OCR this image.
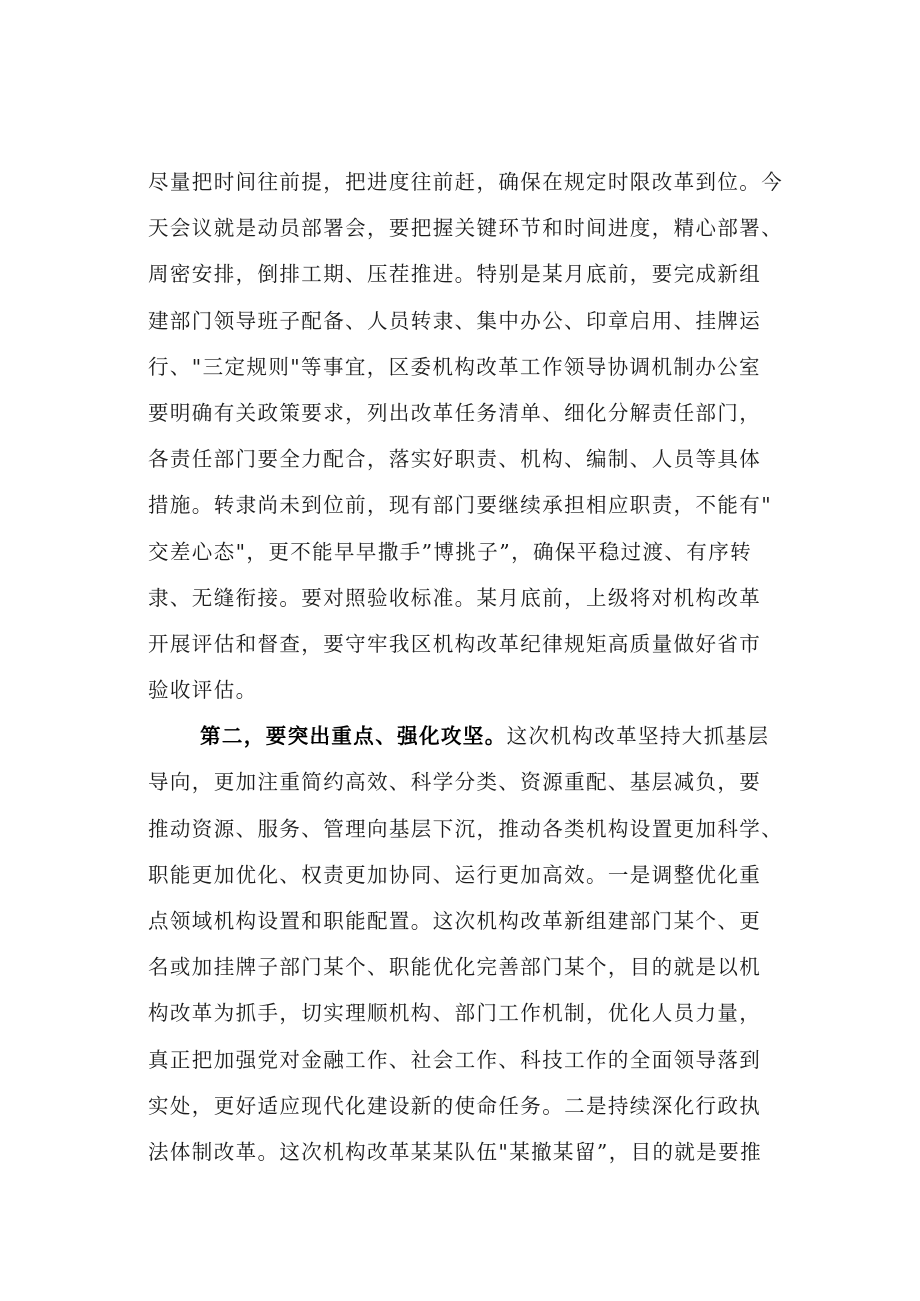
尽量把时间往前提，把进度往前赶，确保在规定时限改革到位。今
天会议就是动员部署会，要把握关键环节和时间进度，精心部署、
周密安排，倒排工期、压茬推进。特别是某月底前，要完成新组
建部门领导班子配备、人员转隶、集中办公、印章启用、挂牌运
行、"三定规则"等事宜，区委机构改革工作领导协调机制办公室
要明确有关政策要求，列出改革任务清单、细化分解责任部门，
各责任部门要全力配合，落实好职责、机构、编制、人员等具体
措施。转隶尚未到位前，现有部门要继续承担相应职责，不能有"
交差心态"，更不能早早撒手”博挑子”，确保平稳过渡、有序转
隶、无缝衔接。要对照验收标准。某月底前，上级将对机构改革
开展评估和督查，要守牢我区机构改革纪律规矩高质量做好省市
验收评估。
第二，要突出重点、强化攻坚。这次机构改革坚持大抓基层
导向，更加注重简约高效、科学分类、资源重配、基层减负，要
推动资源、服务、管理向基层下沉，推动各类机构设置更加科学、
职能更加优化、权责更加协同、运行更加高效。一是调整优化重
点领域机构设置和职能配置。这次机构改革新组建部门某个、更
名或加挂牌子部门某个、职能优化完善部门某个，目的就是以机
构改革为抓手，切实理顺机构、部门工作机制，优化人员力量，
真正把加强党对金融工作、社会工作、科技工作的全面领导落到
实处，更好适应现代化建设新的使命任务。二是持续深化行政执
法体制改革。这次机构改革某某队伍"某撤某留”，目的就是要推
